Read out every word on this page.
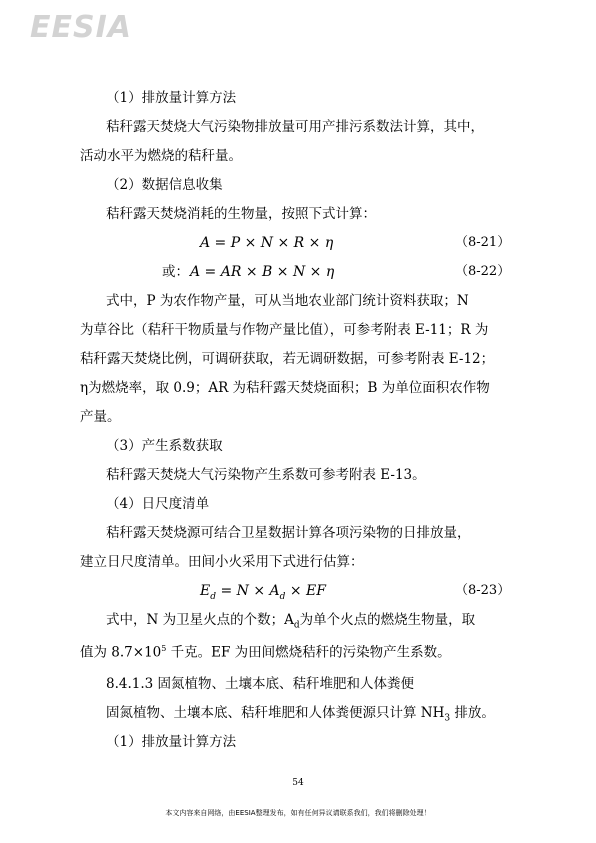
EESIA
（1）排放量计算方法
秸秆露天焚烧大气污染物排放量可用产排污系数法计算，其中，
活动水平为燃烧的秸秆量。
（2）数据信息收集
秸秆露天焚烧消耗的生物量，按照下式计算：
A = P × N × R × η	（8-21）
或： A = AR × B × N × η	（8-22）
式中，P 为农作物产量，可从当地农业部门统计资料获取；N
为草谷比（秸秆干物质量与作物产量比值），可参考附表 E-11；R 为
秸秆露天焚烧比例，可调研获取，若无调研数据，可参考附表 E-12；
η为燃烧率，取 0.9；AR 为秸秆露天焚烧面积；B 为单位面积农作物
产量。
（3）产生系数获取
秸秆露天焚烧大气污染物产生系数可参考附表 E-13。
（4）日尺度清单
秸秆露天焚烧源可结合卫星数据计算各项污染物的日排放量，
建立日尺度清单。田间小火采用下式进行估算：
$E_d = N \times A_d$ × EF	（8-23）
式中，N 为卫星火点的个数；$A_d$为单个火点的燃烧生物量，取
值为 $8.7\times 10^5$ 千克。EF 为田间燃烧秸秆的污染物产生系数。
8.4.1.3 固氮植物、土壤本底、秸秆堆肥和人体粪便
固氮植物、土壤本底、秸秆堆肥和人体粪便源只计算 $NH_3$ 排放。
（1）排放量计算方法
54
本文内容来自网络，由EESIA整理发布，如有任何异议请联系我们，我们将删除处理！
